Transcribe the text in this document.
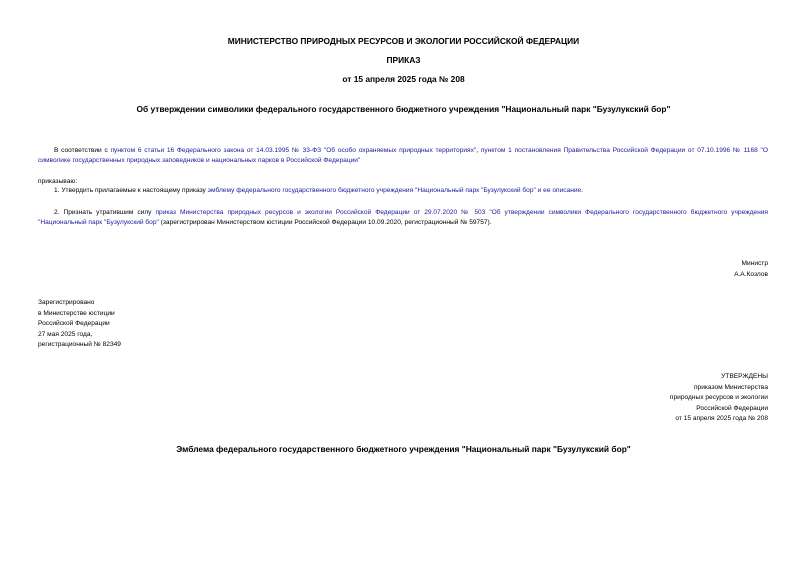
МИНИСТЕРСТВО ПРИРОДНЫХ РЕСУРСОВ И ЭКОЛОГИИ РОССИЙСКОЙ ФЕДЕРАЦИИ
ПРИКАЗ
от 15 апреля 2025 года № 208
Об утверждении символики федерального государственного бюджетного учреждения "Национальный парк "Бузулукский бор"
В соответствии с пунктом 6 статьи 16 Федерального закона от 14.03.1995 № 33-ФЗ "Об особо охраняемых природных территориях", пунктом 1 постановления Правительства Российской Федерации от 07.10.1996 № 1168 "О символике государственных природных заповедников и национальных парков в Российской Федерации"
приказываю:
1. Утвердить прилагаемые к настоящему приказу эмблему федерального государственного бюджетного учреждения "Национальный парк "Бузулукский бор" и ее описание.
2. Признать утратившим силу приказ Министерства природных ресурсов и экологии Российской Федерации от 29.07.2020 № 503 "Об утверждении символики Федерального государственного бюджетного учреждения "Национальный парк "Бузулукский бор" (зарегистрирован Министерством юстиции Российской Федерации 10.09.2020, регистрационный № 59757).
Министр
А.А.Козлов
Зарегистрировано
в Министерстве юстиции
Российской Федерации
27 мая 2025 года,
регистрационный № 82349
УТВЕРЖДЕНЫ
приказом Министерства
природных ресурсов и экологии
Российской Федерации
от 15 апреля 2025 года № 208
Эмблема федерального государственного бюджетного учреждения "Национальный парк "Бузулукский бор"
